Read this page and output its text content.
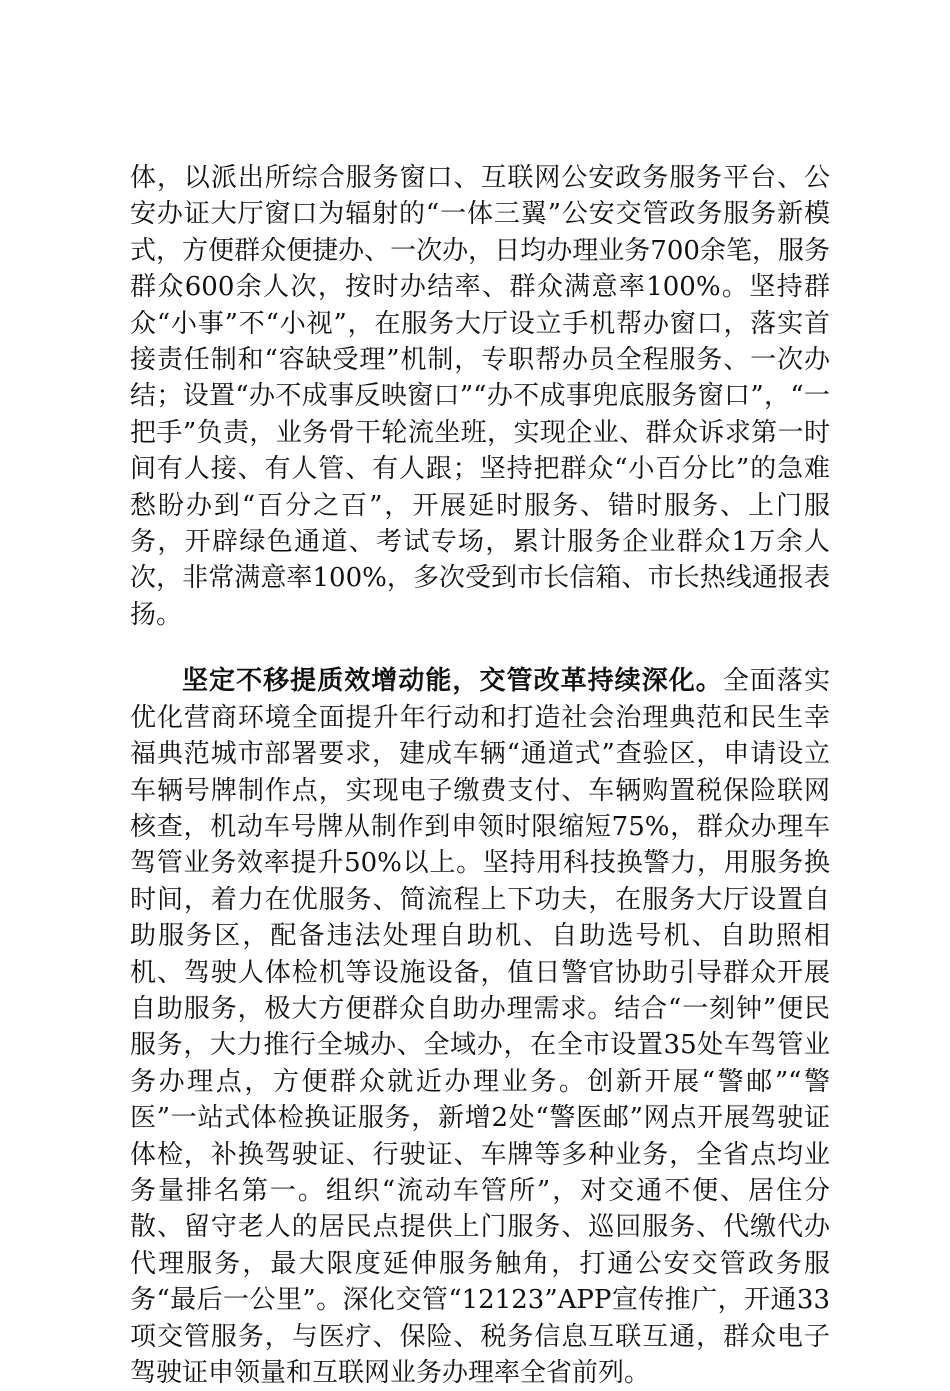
体，以派出所综合服务窗口、互联网公安政务服务平台、公安办证大厅窗口为辐射的“一体三翼”公安交管政务服务新模式，方便群众便捷办、一次办，日均办理业务700余笔，服务群众600余人次，按时办结率、群众满意率100%。坚持群众“小事”不“小视”，在服务大厅设立手机帮办窗口，落实首接责任制和“容缺受理”机制，专职帮办员全程服务、一次办结；设置“办不成事反映窗口”“办不成事兜底服务窗口”，“一把手”负责，业务骨干轮流坐班，实现企业、群众诉求第一时间有人接、有人管、有人跟；坚持把群众“小百分比”的急难愁盼办到“百分之百”，开展延时服务、错时服务、上门服务，开辟绿色通道、考试专场，累计服务企业群众1万余人次，非常满意率100%，多次受到市长信箱、市长热线通报表扬。

坚定不移提质效增动能，交管改革持续深化。全面落实优化营商环境全面提升年行动和打造社会治理典范和民生幸福典范城市部署要求，建成车辆“通道式”查验区，申请设立车辆号牌制作点，实现电子缴费支付、车辆购置税保险联网核查，机动车号牌从制作到申领时限缩短75%，群众办理车驾管业务效率提升50%以上。坚持用科技换警力，用服务换时间，着力在优服务、简流程上下功夫，在服务大厅设置自助服务区，配备违法处理自助机、自助选号机、自助照相机、驾驶人体检机等设施设备，值日警官协助引导群众开展自助服务，极大方便群众自助办理需求。结合“一刻钟”便民服务，大力推行全城办、全域办，在全市设置35处车驾管业务办理点，方便群众就近办理业务。创新开展“警邮”“警医”一站式体检换证服务，新增2处“警医邮”网点开展驾驶证体检，补换驾驶证、行驶证、车牌等多种业务，全省点均业务量排名第一。组织“流动车管所”，对交通不便、居住分散、留守老人的居民点提供上门服务、巡回服务、代缴代办代理服务，最大限度延伸服务触角，打通公安交管政务服务“最后一公里”。深化交管“12123”APP宣传推广，开通33项交管服务，与医疗、保险、税务信息互联互通，群众电子驾驶证申领量和互联网业务办理率全省前列。
